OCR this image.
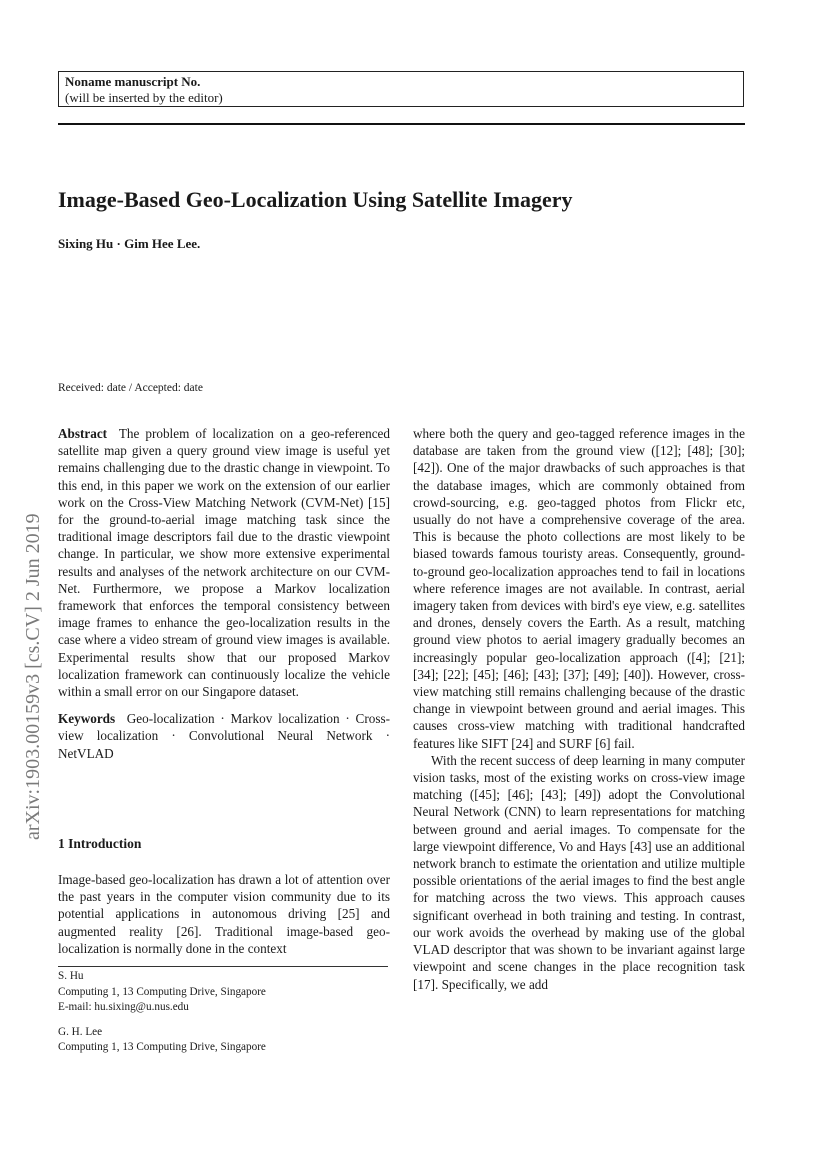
Noname manuscript No.
(will be inserted by the editor)
Image-Based Geo-Localization Using Satellite Imagery
Sixing Hu · Gim Hee Lee.
arXiv:1903.00159v3 [cs.CV] 2 Jun 2019
Received: date / Accepted: date

Abstract The problem of localization on a geo-referenced satellite map given a query ground view image is useful yet remains challenging due to the drastic change in viewpoint. To this end, in this paper we work on the extension of our earlier work on the Cross-View Matching Network (CVM-Net) [15] for the ground-to-aerial image matching task since the traditional image descriptors fail due to the drastic viewpoint change. In particular, we show more extensive experimental results and analyses of the network architecture on our CVM-Net. Furthermore, we propose a Markov localization framework that enforces the temporal consistency between image frames to enhance the geo-localization results in the case where a video stream of ground view images is available. Experimental results show that our proposed Markov localization framework can continuously localize the vehicle within a small error on our Singapore dataset.

Keywords Geo-localization · Markov localization · Cross-view localization · Convolutional Neural Network · NetVLAD

1 Introduction

Image-based geo-localization has drawn a lot of attention over the past years in the computer vision community due to its potential applications in autonomous driving [25] and augmented reality [26]. Traditional image-based geo-localization is normally done in the context

S. Hu

Computing 1, 13 Computing Drive, Singapore

E-mail: hu.sixing@u.nus.edu

G. H. Lee

Computing 1, 13 Computing Drive, Singapore

where both the query and geo-tagged reference images in the database are taken from the ground view ([12]; [48]; [30]; [42]). One of the major drawbacks of such approaches is that the database images, which are commonly obtained from crowd-sourcing, e.g. geo-tagged photos from Flickr etc, usually do not have a comprehensive coverage of the area. This is because the photo collections are most likely to be biased towards famous touristy areas. Consequently, ground-to-ground geo-localization approaches tend to fail in locations where reference images are not available. In contrast, aerial imagery taken from devices with bird's eye view, e.g. satellites and drones, densely covers the Earth. As a result, matching ground view photos to aerial imagery gradually becomes an increasingly popular geo-localization approach ([4]; [21]; [34]; [22]; [45]; [46]; [43]; [37]; [49]; [40]). However, cross-view matching still remains challenging because of the drastic change in viewpoint between ground and aerial images. This causes cross-view matching with traditional handcrafted features like SIFT [24] and SURF [6] fail.

With the recent success of deep learning in many computer vision tasks, most of the existing works on cross-view image matching ([45]; [46]; [43]; [49]) adopt the Convolutional Neural Network (CNN) to learn representations for matching between ground and aerial images. To compensate for the large viewpoint difference, Vo and Hays [43] use an additional network branch to estimate the orientation and utilize multiple possible orientations of the aerial images to find the best angle for matching across the two views. This approach causes significant overhead in both training and testing. In contrast, our work avoids the overhead by making use of the global VLAD descriptor that was shown to be invariant against large viewpoint and scene changes in the place recognition task [17]. Specifically, we add
